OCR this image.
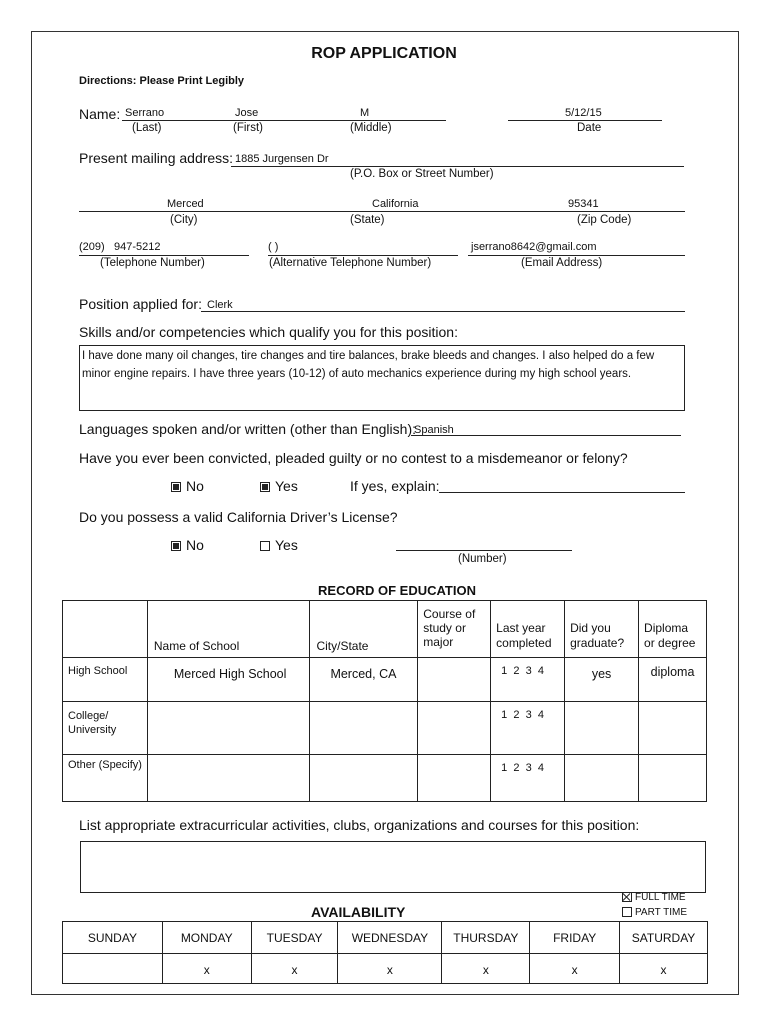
ROP APPLICATION
Directions: Please Print Legibly
Name: Serrano	Jose	M	5/12/15
(Last)	(First)	(Middle)	Date
Present mailing address: 1885 Jurgensen Dr
(P.O. Box or Street Number)
Merced	California	95341
(City)	(State)	(Zip Code)
(209) 947-5212	( )	jserrano8642@gmail.com
(Telephone Number)	(Alternative Telephone Number)	(Email Address)
Position applied for: Clerk
Skills and/or competencies which qualify you for this position:
I have done many oil changes, tire changes and tire balances, brake bleeds and changes. I also helped do a few minor engine repairs. I have three years (10-12) of auto mechanics experience during my high school years.
Languages spoken and/or written (other than English):
Spanish
Have you ever been convicted, pleaded guilty or no contest to a misdemeanor or felony?
No	Yes	If yes, explain:
Do you possess a valid California Driver’s License?
No	Yes
(Number)
RECORD OF EDUCATION
	Name of School	City/State	Course of study or major	Last year completed	Did you graduate?	Diploma or degree
High School	Merced High School	Merced, CA		1  2  3  4	yes	diploma
College/ University				1  2  3  4		
Other (Specify)				1  2  3  4		
List appropriate extracurricular activities, clubs, organizations and courses for this position:
AVAILABILITY
FULL TIME
PART TIME
SUNDAY	MONDAY	TUESDAY	WEDNESDAY	THURSDAY	FRIDAY	SATURDAY
	x	x	x	x	x	x
